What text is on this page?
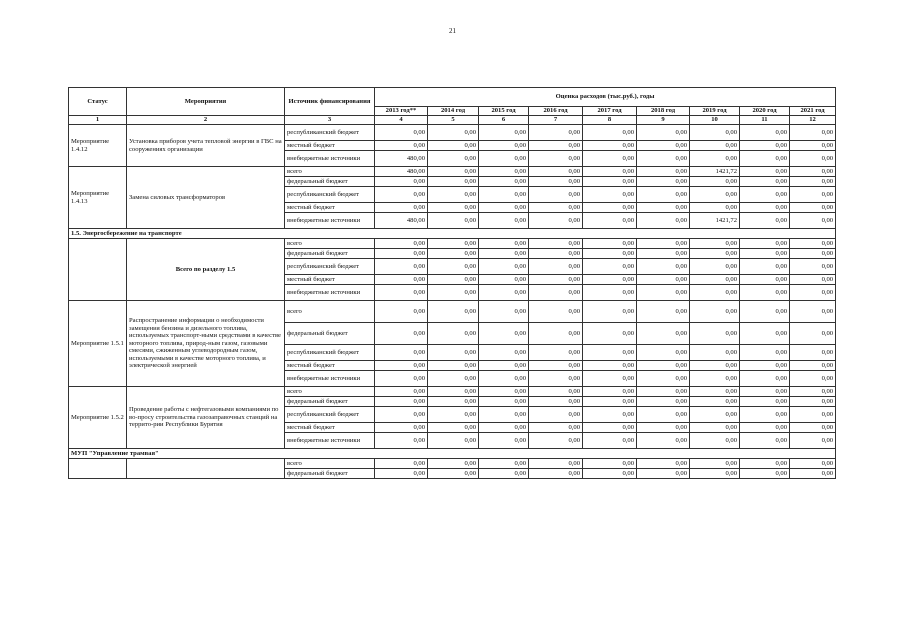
21
Статус	Мероприятия	Источник финансирования	Оценка расходов (тыс.руб.), годы								
			2013 год**	2014 год	2015 год	2016 год	2017 год	2018 год	2019 год	2020 год	2021 год
1	2	3	4	5	6	7	8	9	10	11	12
Мероприятие 1.4.12	Установка приборов учета тепловой энергии в ГВС на сооружениях организации	республиканский бюджет	0,00	0,00	0,00	0,00	0,00	0,00	0,00	0,00	0,00
		местный бюджет	0,00	0,00	0,00	0,00	0,00	0,00	0,00	0,00	0,00
		внебюджетные источники	480,00	0,00	0,00	0,00	0,00	0,00	0,00	0,00	0,00
Мероприятие 1.4.13	Замена силовых трансформаторов	всего	480,00	0,00	0,00	0,00	0,00	0,00	1421,72	0,00	0,00
		федеральный бюджет	0,00	0,00	0,00	0,00	0,00	0,00	0,00	0,00	0,00
		республиканский бюджет	0,00	0,00	0,00	0,00	0,00	0,00	0,00	0,00	0,00
		местный бюджет	0,00	0,00	0,00	0,00	0,00	0,00	0,00	0,00	0,00
		внебюджетные источники	480,00	0,00	0,00	0,00	0,00	0,00	1421,72	0,00	0,00
1.5. Энергосбережение на транспорте											
	Всего по разделу 1.5	всего	0,00	0,00	0,00	0,00	0,00	0,00	0,00	0,00	0,00
		федеральный бюджет	0,00	0,00	0,00	0,00	0,00	0,00	0,00	0,00	0,00
		республиканский бюджет	0,00	0,00	0,00	0,00	0,00	0,00	0,00	0,00	0,00
		местный бюджет	0,00	0,00	0,00	0,00	0,00	0,00	0,00	0,00	0,00
		внебюджетные источники	0,00	0,00	0,00	0,00	0,00	0,00	0,00	0,00	0,00
Мероприятие 1.5.1	Распространение информации о необходимости замещения бензина и дизельного топлива, используемых транспорт-ными средствами в качестве моторного топлива, природ-ным газом, газовыми смесями, сжиженным углеводородным газом, используемыми в качестве моторного топлива, и электрической энергией	всего	0,00	0,00	0,00	0,00	0,00	0,00	0,00	0,00	0,00
		федеральный бюджет	0,00	0,00	0,00	0,00	0,00	0,00	0,00	0,00	0,00
		республиканский бюджет	0,00	0,00	0,00	0,00	0,00	0,00	0,00	0,00	0,00
		местный бюджет	0,00	0,00	0,00	0,00	0,00	0,00	0,00	0,00	0,00
		внебюджетные источники	0,00	0,00	0,00	0,00	0,00	0,00	0,00	0,00	0,00
Мероприятие 1.5.2	Проведение работы с нефтегазовыми компаниями по во-просу строительства газозаправочных станций на террито-рии Республики Бурятия	всего	0,00	0,00	0,00	0,00	0,00	0,00	0,00	0,00	0,00
		федеральный бюджет	0,00	0,00	0,00	0,00	0,00	0,00	0,00	0,00	0,00
		республиканский бюджет	0,00	0,00	0,00	0,00	0,00	0,00	0,00	0,00	0,00
		местный бюджет	0,00	0,00	0,00	0,00	0,00	0,00	0,00	0,00	0,00
		внебюджетные источники	0,00	0,00	0,00	0,00	0,00	0,00	0,00	0,00	0,00
МУП "Управление трамвая"											
		всего	0,00	0,00	0,00	0,00	0,00	0,00	0,00	0,00	0,00
		федеральный бюджет	0,00	0,00	0,00	0,00	0,00	0,00	0,00	0,00	0,00
